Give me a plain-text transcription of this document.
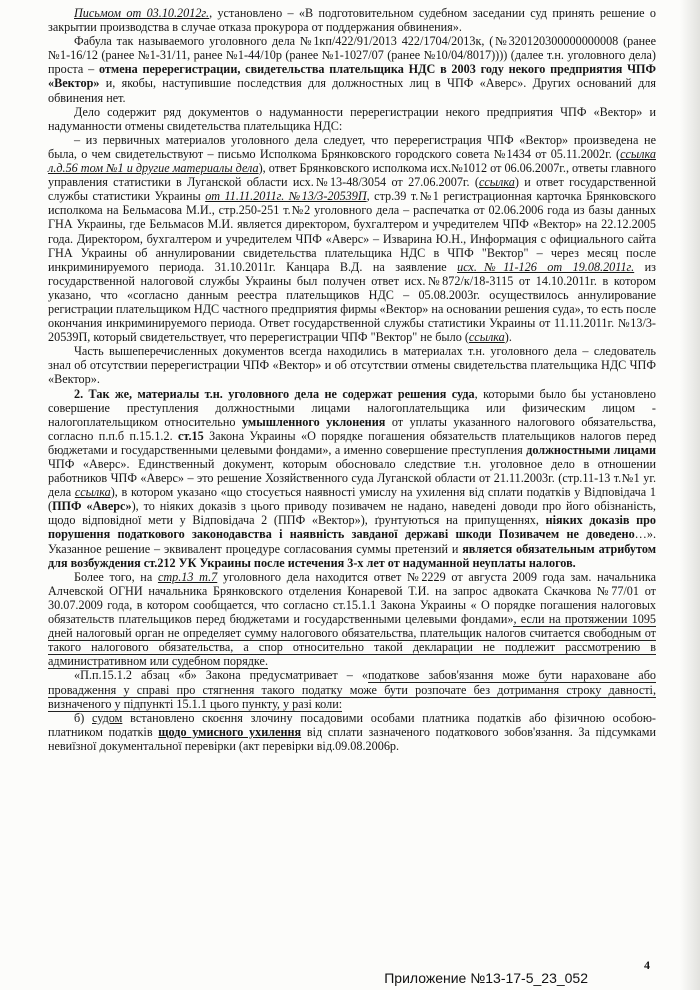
Письмом от 03.10.2012г., установлено – «В подготовительном судебном заседании суд принять решение о закрытии производства в случае отказа прокурора от поддержания обвинения».

Фабула так называемого уголовного дела №1кп/422/91/2013 422/1704/2013к, (№320120300000000008 (ранее №1-16/12 (ранее №1-31/11, ранее №1-44/10р (ранее №1-1027/07 (ранее №10/04/8017)))) (далее т.н. уголовного дела) проста – отмена перерегистрации, свидетельства плательщика НДС в 2003 году некого предприятия ЧПФ «Вектор» и, якобы, наступившие последствия для должностных лиц в ЧПФ «Аверс». Других оснований для обвинения нет.

Дело содержит ряд документов о надуманности перерегистрации некого предприятия ЧПФ «Вектор» и надуманности отмены свидетельства плательщика НДС:

– из первичных материалов уголовного дела следует, что перерегистрация ЧПФ «Вектор» произведена не была, о чем свидетельствуют – письмо Исполкома Брянковского городского совета №1434 от 05.11.2002г. (ссылка л.д.56 том №1 и другие материалы дела), ответ Брянковского исполкома исх.№1012 от 06.06.2007г., ответы главного управления статистики в Луганской области исх.№13-48/3054 от 27.06.2007г. (ссылка) и ответ государственной службы статистики Украины от 11.11.2011г. №13/3-20539П, стр.39 т.№1 регистрационная карточка Брянковского исполкома на Бельмасова М.И., стр.250-251 т.№2 уголовного дела – распечатка от 02.06.2006 года из базы данных ГНА Украины, где Бельмасов М.И. является директором, бухгалтером и учредителем ЧПФ «Вектор» на 22.12.2005 года. Директором, бухгалтером и учредителем ЧПФ «Аверс» – Изварина Ю.Н., Информация с официального сайта ГНА Украины об аннулировании свидетельства плательщика НДС в ЧПФ "Вектор" – через месяц после инкриминируемого периода. 31.10.2011г. Канцара В.Д. на заявление исх.№11-126 от 19.08.2011г. из государственной налоговой службы Украины был получен ответ исх.№872/к/18-3115 от 14.10.2011г. в котором указано, что «согласно данным реестра плательщиков НДС – 05.08.2003г. осуществилось аннулирование регистрации плательщиком НДС частного предприятия фирмы «Вектор» на основании решения суда», то есть после окончания инкриминируемого периода. Ответ государственной службы статистики Украины от 11.11.2011г. №13/3-20539П, который свидетельствует, что перерегистрации ЧПФ "Вектор" не было (ссылка).

Часть вышеперечисленных документов всегда находились в материалах т.н. уголовного дела – следователь знал об отсутствии перерегистрации ЧПФ «Вектор» и об отсутствии отмены свидетельства плательщика НДС ЧПФ «Вектор».

2. Так же, материалы т.н. уголовного дела не содержат решения суда, которыми было бы установлено совершение преступления должностными лицами налогоплательщика или физическим лицом - налогоплательщиком относительно умышленного уклонения от уплаты указанного налогового обязательства, согласно п.п.б п.15.1.2. ст.15 Закона Украины «О порядке погашения обязательств плательщиков налогов перед бюджетами и государственными целевыми фондами», а именно совершение преступления должностными лицами ЧПФ «Аверс». Единственный документ, которым обосновало следствие т.н. уголовное дело в отношении работников ЧПФ «Аверс» – это решение Хозяйственного суда Луганской области от 21.11.2003г. (стр.11-13 т.№1 уг. дела ссылка), в котором указано «що стосується наявності умислу на ухилення від сплати податків у Відповідача 1 (ППФ «Аверс»), то ніяких доказів з цього приводу позивачем не надано, наведені доводи про його обізнаність, щодо відповідної мети у Відповідача 2 (ППФ «Вектор»), ґрунтуються на припущеннях, ніяких доказів про порушення податкового законодавства і наявність завданої державі шкоди Позивачем не доведено…». Указанное решение – эквивалент процедуре согласования суммы претензий и является обязательным атрибутом для возбуждения ст.212 УК Украины после истечения 3-х лет от надуманной неуплаты налогов.

Более того, на стр.13 т.7 уголовного дела находится ответ №2229 от августа 2009 года зам. начальника Алчевской ОГНИ начальника Брянковского отделения Конаревой Т.И. на запрос адвоката Скачкова №77/01 от 30.07.2009 года, в котором сообщается, что согласно ст.15.1.1 Закона Украины « О порядке погашения налоговых обязательств плательщиков перед бюджетами и государственными целевыми фондами», если на протяжении 1095 дней налоговый орган не определяет сумму налогового обязательства, плательщик налогов считается свободным от такого налогового обязательства, а спор относительно такой декларации не подлежит рассмотрению в административном или судебном порядке.

«П.п.15.1.2 абзац «б» Закона предусматривает – «податкове забов'язання може бути нараховане або провадження у справі про стягнення такого податку може бути розпочате без дотримання строку давності, визначеного у підпункті 15.1.1 цього пункту, у разі коли:

б) судом встановлено скоєння злочину посадовими особами платника податків або фізичною особою-платником податків щодо умисного ухилення від сплати зазначеного податкового зобов'язання. За підсумками невиїзної документальної перевірки (акт перевірки від.09.08.2006р.

4
Приложение №13-17-5_23_052
